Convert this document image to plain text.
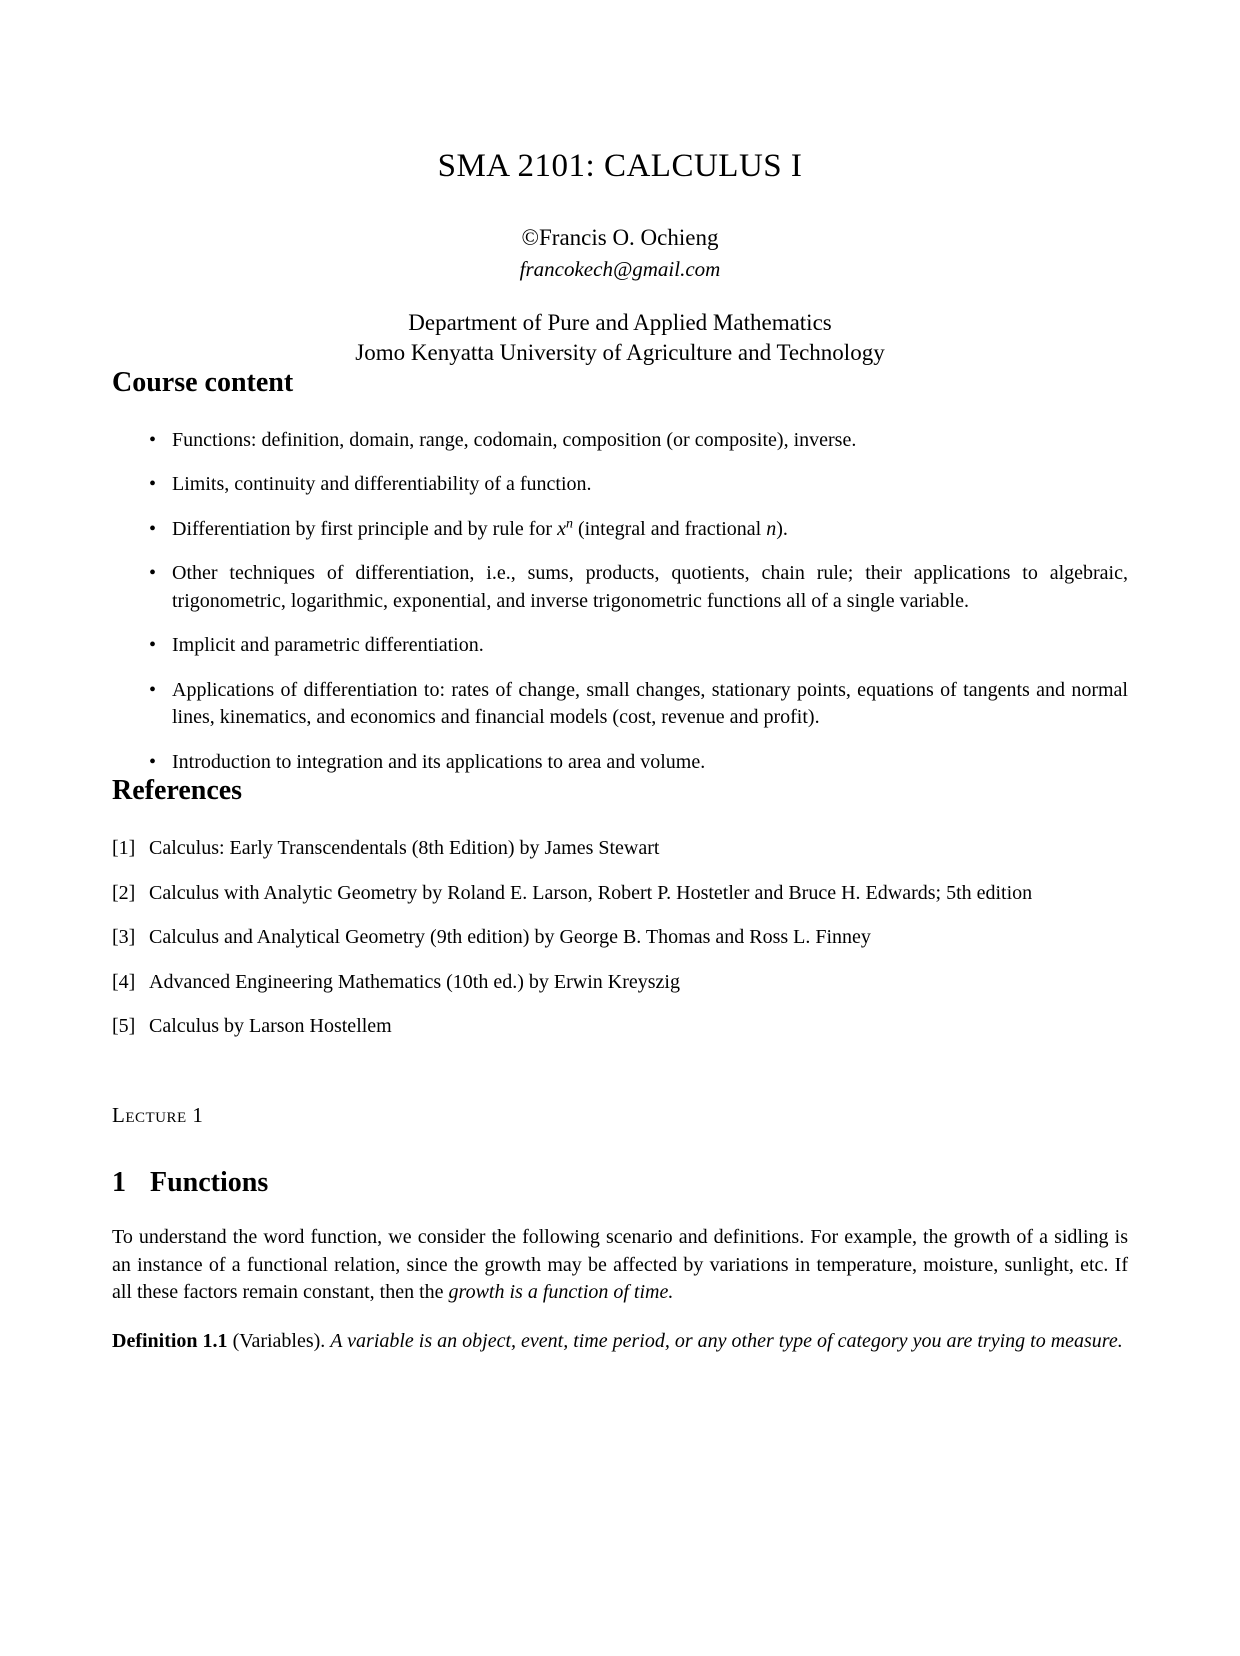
SMA 2101: CALCULUS I
©Francis O. Ochieng
francokech@gmail.com
Department of Pure and Applied Mathematics
Jomo Kenyatta University of Agriculture and Technology
Course content
• Functions: definition, domain, range, codomain, composition (or composite), inverse.
• Limits, continuity and differentiability of a function.
• Differentiation by first principle and by rule for $x^n$ (integral and fractional n).
• Other techniques of differentiation, i.e., sums, products, quotients, chain rule; their applications to algebraic, trigonometric, logarithmic, exponential, and inverse trigonometric functions all of a single variable.
• Implicit and parametric differentiation.
• Applications of differentiation to: rates of change, small changes, stationary points, equations of tangents and normal lines, kinematics, and economics and financial models (cost, revenue and profit).
• Introduction to integration and its applications to area and volume.
References
[1] Calculus: Early Transcendentals (8th Edition) by James Stewart
[2] Calculus with Analytic Geometry by Roland E. Larson, Robert P. Hostetler and Bruce H. Edwards; 5th edition
[3] Calculus and Analytical Geometry (9th edition) by George B. Thomas and Ross L. Finney
[4] Advanced Engineering Mathematics (10th ed.) by Erwin Kreyszig
[5] Calculus by Larson Hostellem
Lecture 1
1 Functions

To understand the word function, we consider the following scenario and definitions. For example, the growth of a sidling is an instance of a functional relation, since the growth may be affected by variations in temperature, moisture, sunlight, etc. If all these factors remain constant, then the growth is a function of time.

Definition 1.1 (Variables). A variable is an object, event, time period, or any other type of category you are trying to measure.
